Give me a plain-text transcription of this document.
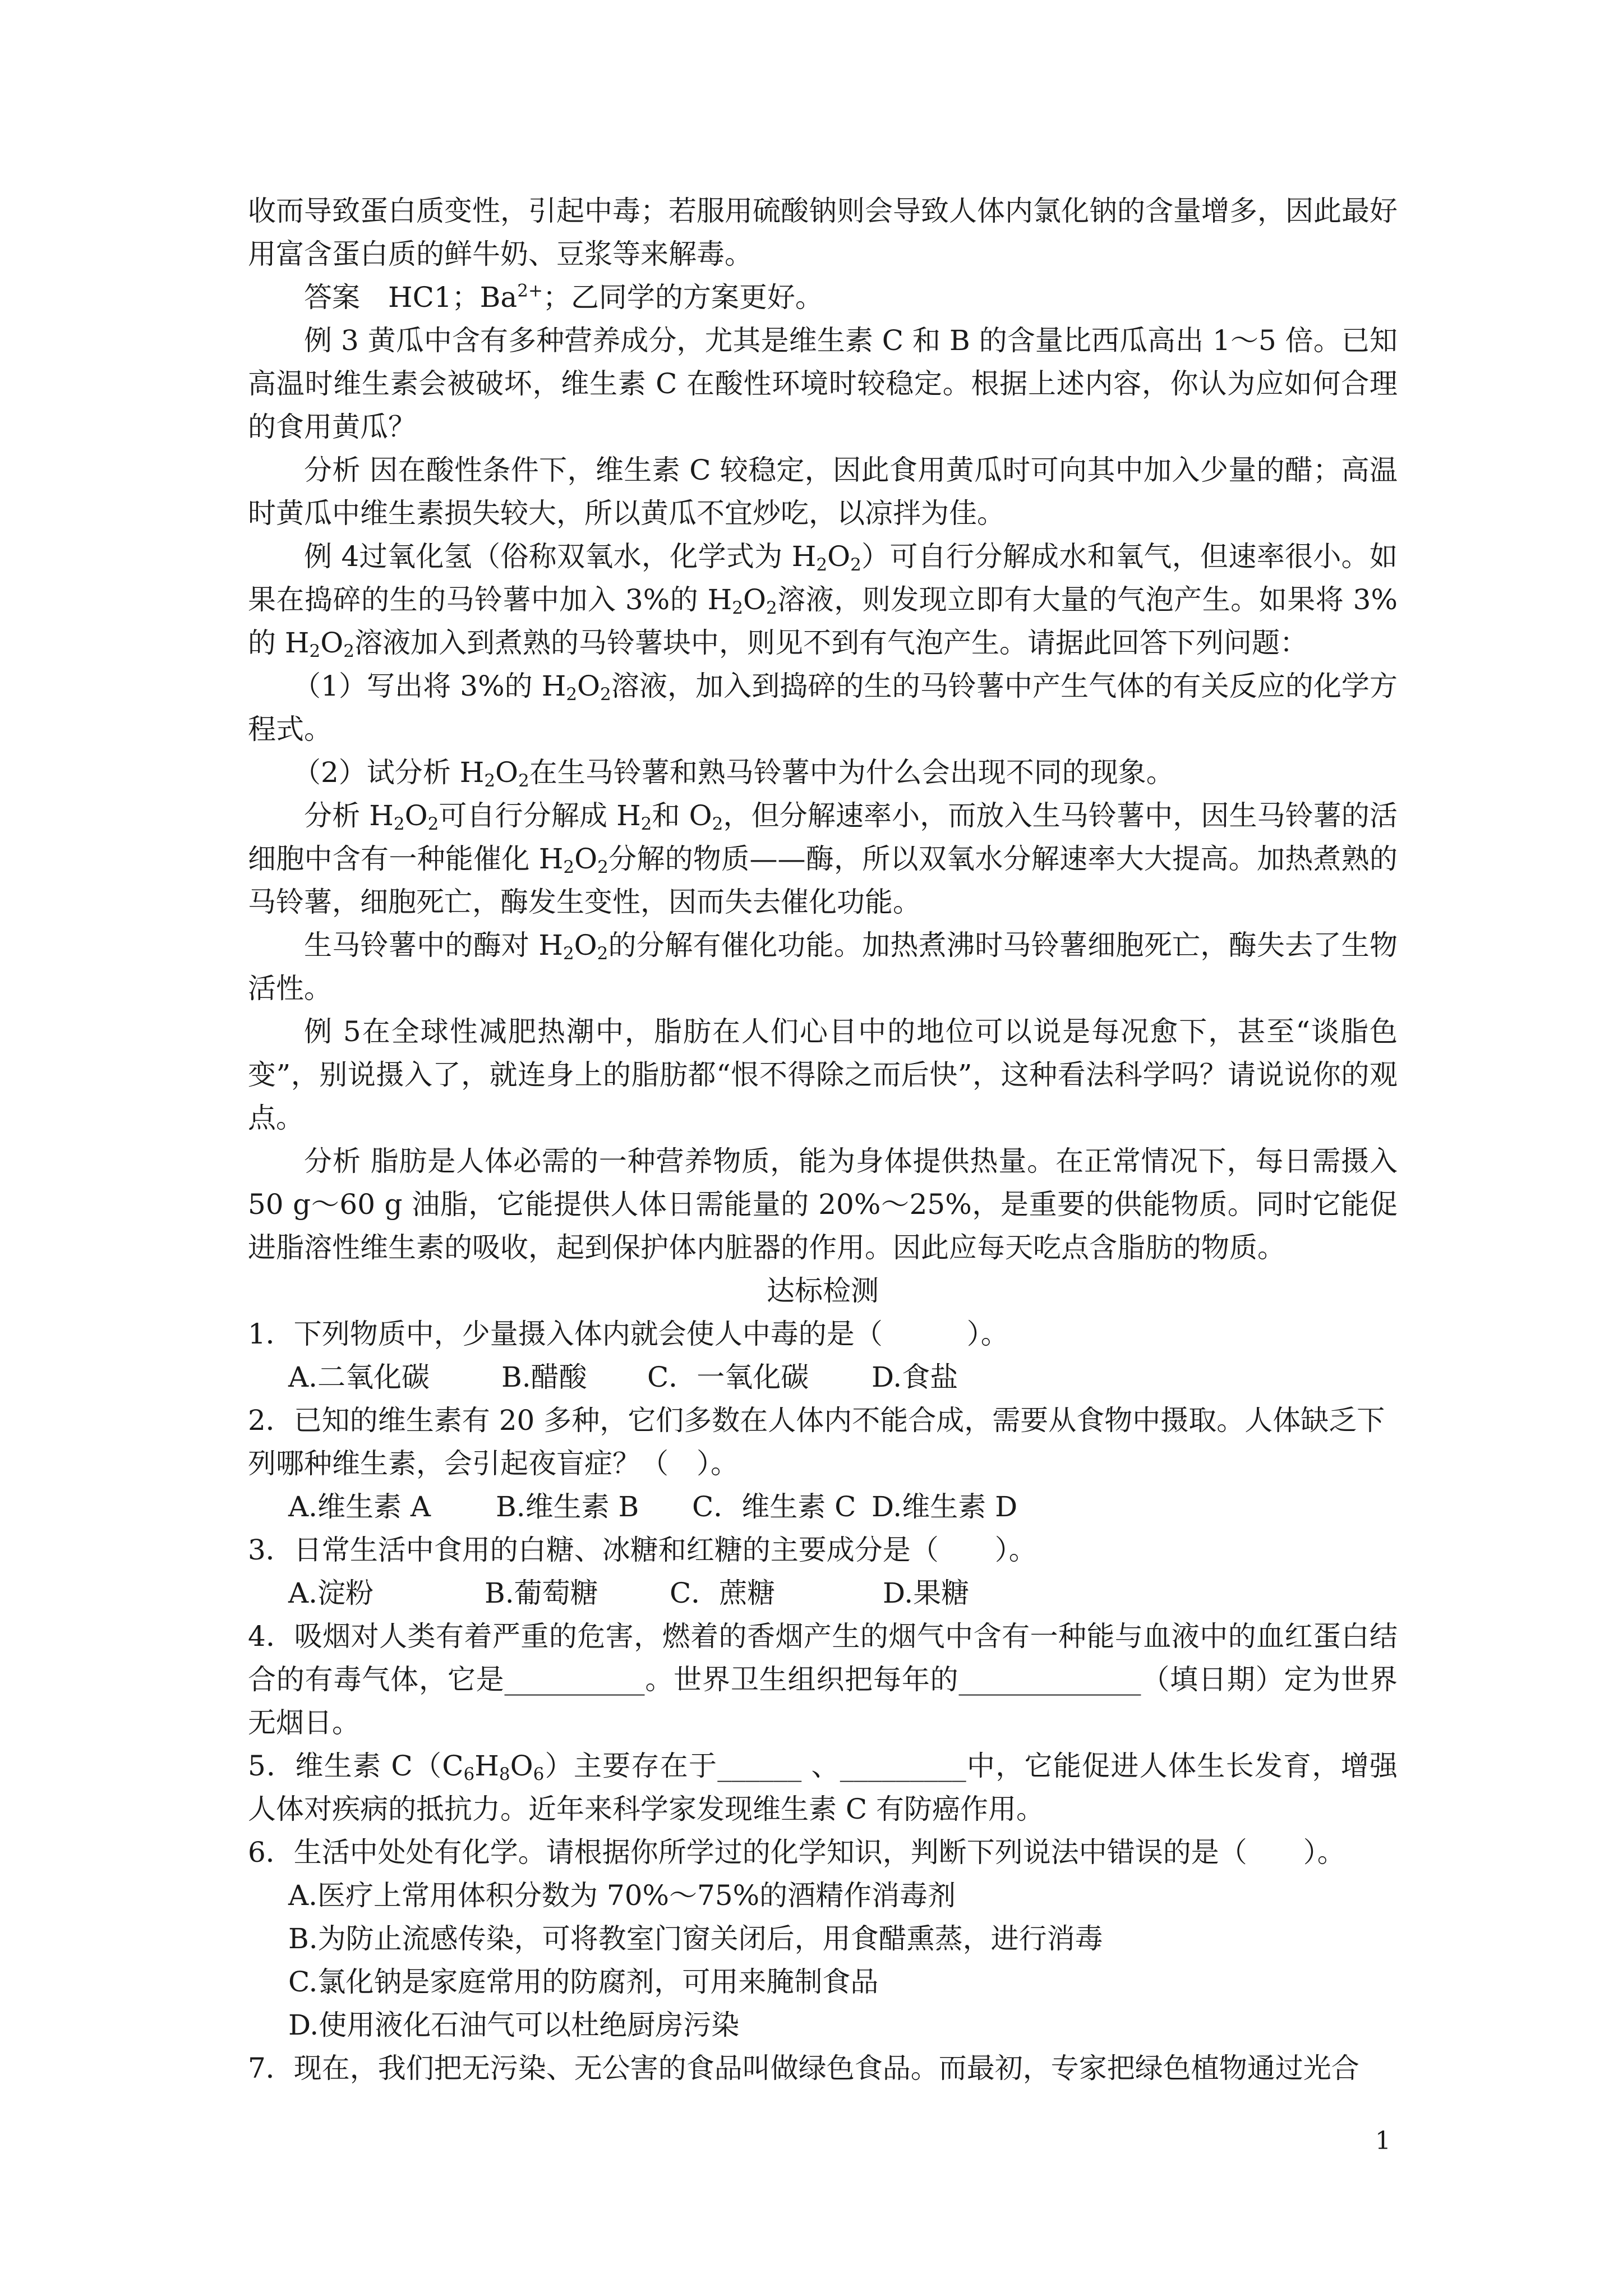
收而导致蛋白质变性，引起中毒；若服用硫酸钠则会导致人体内氯化钠的含量增多，因此最好用富含蛋白质的鲜牛奶、豆浆等来解毒。

答案　HC1；$Ba^{2+}$；乙同学的方案更好。

例 3 黄瓜中含有多种营养成分，尤其是维生素 C 和 B 的含量比西瓜高出 1～5 倍。已知高温时维生素会被破坏，维生素 C 在酸性环境时较稳定。根据上述内容，你认为应如何合理的食用黄瓜？

分析 因在酸性条件下，维生素 C 较稳定，因此食用黄瓜时可向其中加入少量的醋；高温时黄瓜中维生素损失较大，所以黄瓜不宜炒吃，以凉拌为佳。

例 4过氧化氢（俗称双氧水，化学式为 $H_2O_2$）可自行分解成水和氧气，但速率很小。如果在捣碎的生的马铃薯中加入 3%的 $H_2O_2$溶液，则发现立即有大量的气泡产生。如果将 3%的 $H_2O_2$溶液加入到煮熟的马铃薯块中，则见不到有气泡产生。请据此回答下列问题：

（1）写出将 3%的 $H_2O_2$溶液，加入到捣碎的生的马铃薯中产生气体的有关反应的化学方程式。

（2）试分析 $H_2O_2$在生马铃薯和熟马铃薯中为什么会出现不同的现象。

分析 $H_2O_2$可自行分解成 $H_2$和 $O_2$，但分解速率小，而放入生马铃薯中，因生马铃薯的活细胞中含有一种能催化 $H_2O_2$分解的物质——酶，所以双氧水分解速率大大提高。加热煮熟的马铃薯，细胞死亡，酶发生变性，因而失去催化功能。

生马铃薯中的酶对 $H_2O_2$的分解有催化功能。加热煮沸时马铃薯细胞死亡，酶失去了生物活性。

例 5在全球性减肥热潮中，脂肪在人们心目中的地位可以说是每况愈下，甚至“谈脂色变”，别说摄入了，就连身上的脂肪都“恨不得除之而后快”，这种看法科学吗？请说说你的观点。

分析 脂肪是人体必需的一种营养物质，能为身体提供热量。在正常情况下，每日需摄入 50 g～60 g 油脂，它能提供人体日需能量的 20%～25%，是重要的供能物质。同时它能促进脂溶性维生素的吸收，起到保护体内脏器的作用。因此应每天吃点含脂肪的物质。

达标检测

1．下列物质中，少量摄入体内就会使人中毒的是（　　　）。

A.二氧化碳	B.醋酸 C．一氧化碳 D.食盐

2．已知的维生素有 20 多种，它们多数在人体内不能合成，需要从食物中摄取。人体缺乏下列哪种维生素，会引起夜盲症？（　）。

A.维生素 A B.维生素 B C．维生素 C D.维生素 D

3．日常生活中食用的白糖、冰糖和红糖的主要成分是（　　）。

A.淀粉	B.葡萄糖	C．蔗糖	D.果糖

4．吸烟对人类有着严重的危害，燃着的香烟产生的烟气中含有一种能与血液中的血红蛋白结合的有毒气体，它是__________。世界卫生组织把每年的_____________（填日期）定为世界无烟日。

5．维生素 $C(C_6H_8O_6)$主要存在于______ 、_________中，它能促进人体生长发育，增强人体对疾病的抵抗力。近年来科学家发现维生素 C 有防癌作用。

6．生活中处处有化学。请根据你所学过的化学知识，判断下列说法中错误的是（　　）。

A.医疗上常用体积分数为 70%～75%的酒精作消毒剂

B.为防止流感传染，可将教室门窗关闭后，用食醋熏蒸，进行消毒

C.氯化钠是家庭常用的防腐剂，可用来腌制食品

D.使用液化石油气可以杜绝厨房污染

7．现在，我们把无污染、无公害的食品叫做绿色食品。而最初，专家把绿色植物通过光合

1
